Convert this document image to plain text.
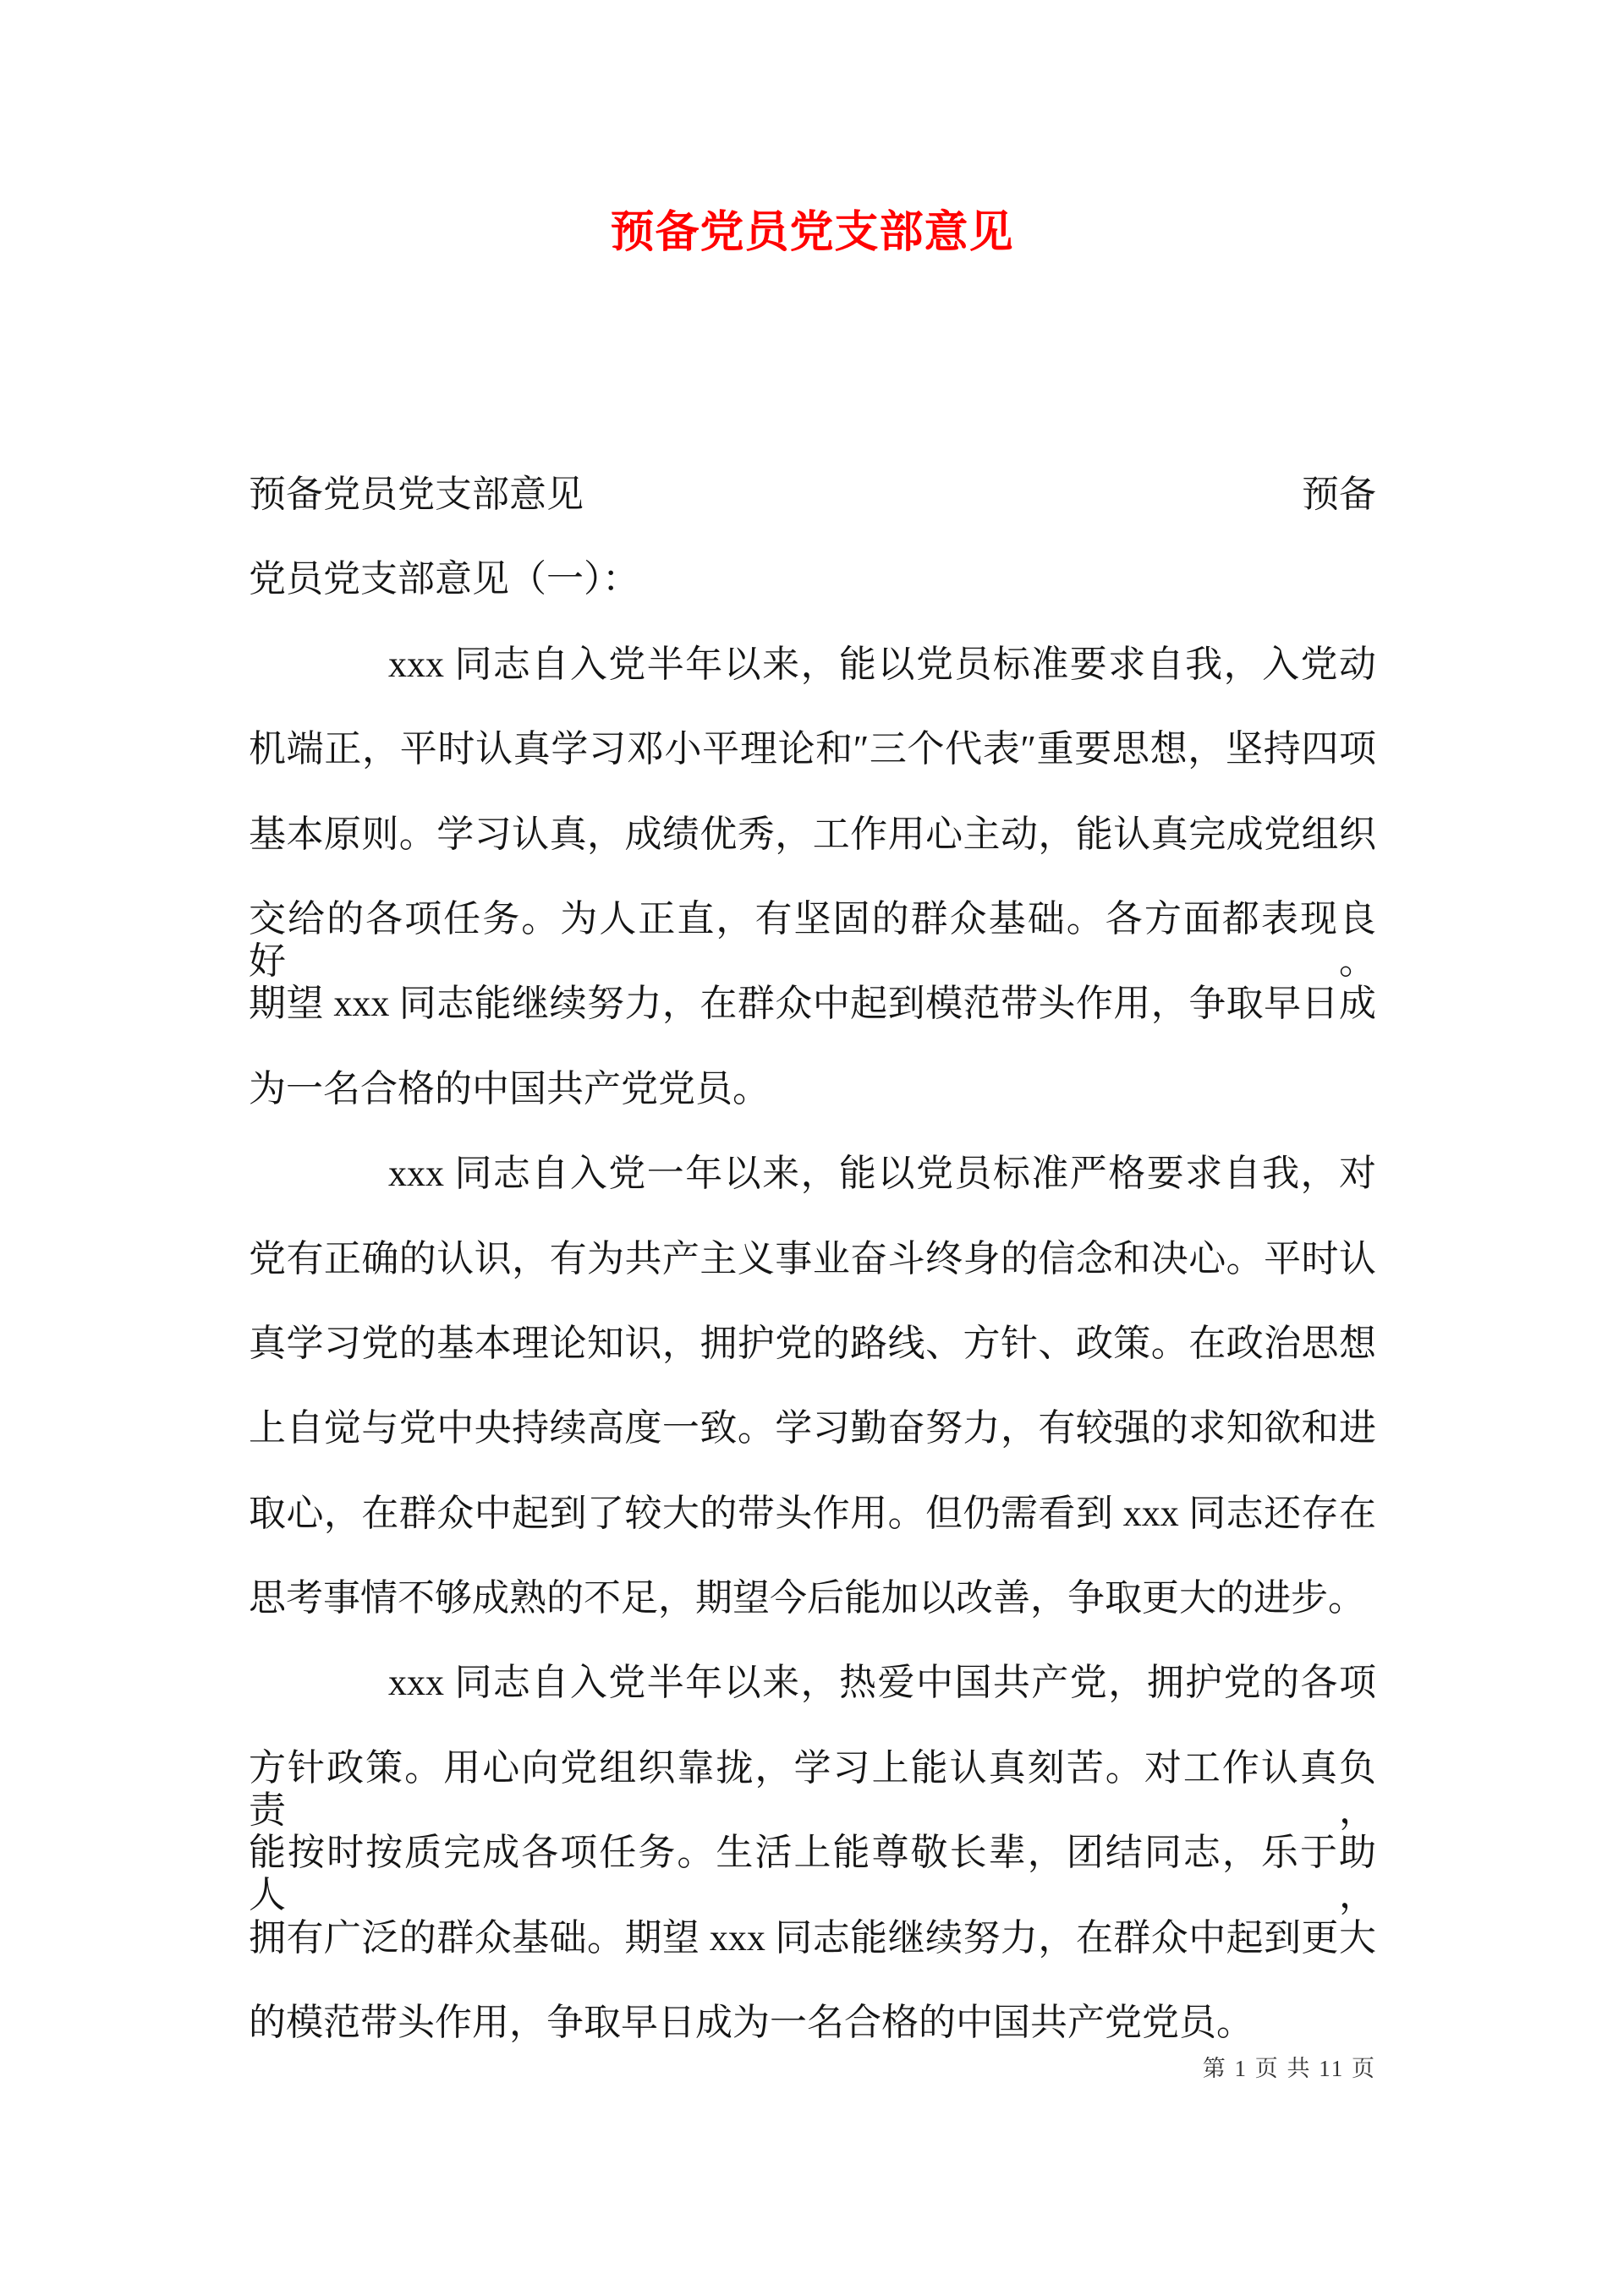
预备党员党支部意见
预备党员党支部意见	预备
党员党支部意见（一）：
xxx 同志自入党半年以来，能以党员标准要求自我，入党动
机端正，平时认真学习邓小平理论和″三个代表″重要思想，坚持四项
基本原则。学习认真，成绩优秀，工作用心主动，能认真完成党组织
交给的各项任务。为人正直，有坚固的群众基础。各方面都表现良好。
期望 xxx 同志能继续努力，在群众中起到模范带头作用，争取早日成
为一名合格的中国共产党党员。
xxx 同志自入党一年以来，能以党员标准严格要求自我，对
党有正确的认识，有为共产主义事业奋斗终身的信念和决心。平时认
真学习党的基本理论知识，拥护党的路线、方针、政策。在政治思想
上自觉与党中央持续高度一致。学习勤奋努力，有较强的求知欲和进
取心，在群众中起到了较大的带头作用。但仍需看到 xxx 同志还存在
思考事情不够成熟的不足，期望今后能加以改善，争取更大的进步。
xxx 同志自入党半年以来，热爱中国共产党，拥护党的各项
方针政策。用心向党组织靠拢，学习上能认真刻苦。对工作认真负责，
能按时按质完成各项任务。生活上能尊敬长辈，团结同志，乐于助人，
拥有广泛的群众基础。期望 xxx 同志能继续努力，在群众中起到更大
的模范带头作用，争取早日成为一名合格的中国共产党党员。
第 1 页 共 11 页
